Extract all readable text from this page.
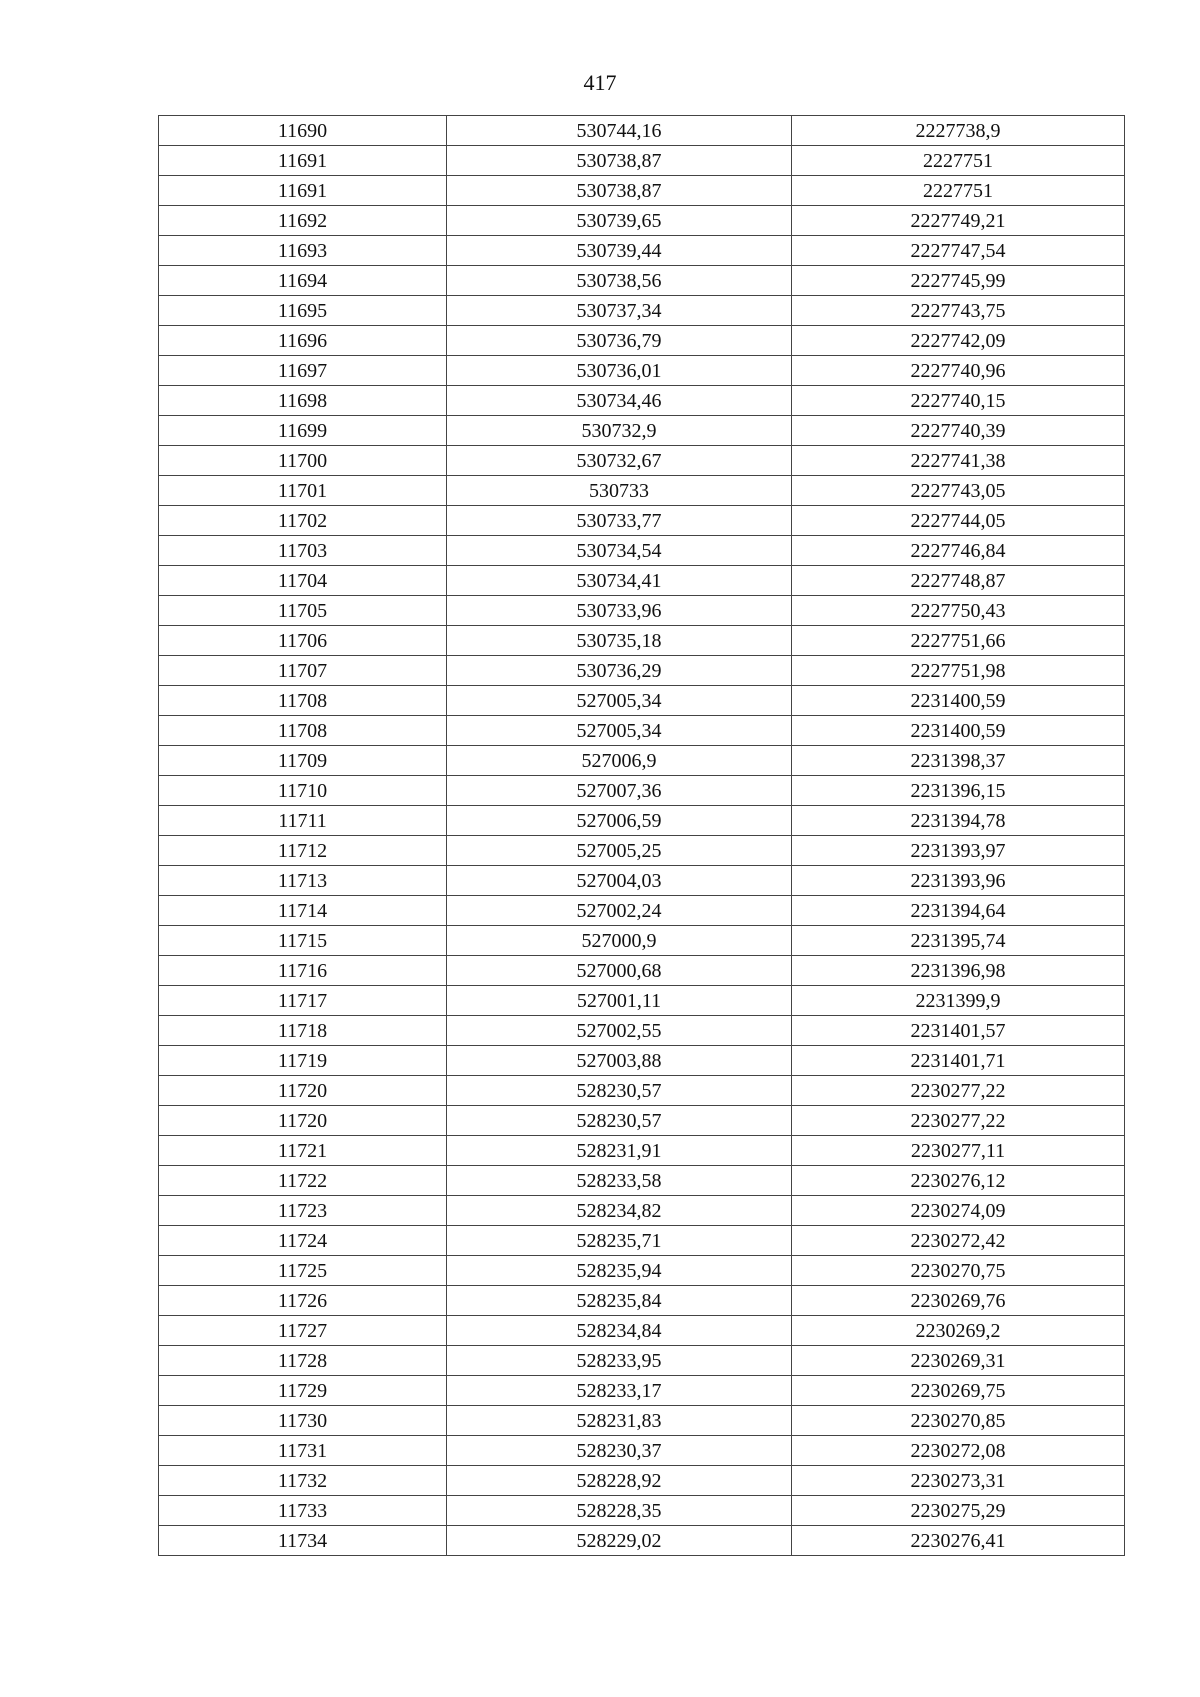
417
11690	530744,16	2227738,9
11691	530738,87	2227751
11691	530738,87	2227751
11692	530739,65	2227749,21
11693	530739,44	2227747,54
11694	530738,56	2227745,99
11695	530737,34	2227743,75
11696	530736,79	2227742,09
11697	530736,01	2227740,96
11698	530734,46	2227740,15
11699	530732,9	2227740,39
11700	530732,67	2227741,38
11701	530733	2227743,05
11702	530733,77	2227744,05
11703	530734,54	2227746,84
11704	530734,41	2227748,87
11705	530733,96	2227750,43
11706	530735,18	2227751,66
11707	530736,29	2227751,98
11708	527005,34	2231400,59
11708	527005,34	2231400,59
11709	527006,9	2231398,37
11710	527007,36	2231396,15
11711	527006,59	2231394,78
11712	527005,25	2231393,97
11713	527004,03	2231393,96
11714	527002,24	2231394,64
11715	527000,9	2231395,74
11716	527000,68	2231396,98
11717	527001,11	2231399,9
11718	527002,55	2231401,57
11719	527003,88	2231401,71
11720	528230,57	2230277,22
11720	528230,57	2230277,22
11721	528231,91	2230277,11
11722	528233,58	2230276,12
11723	528234,82	2230274,09
11724	528235,71	2230272,42
11725	528235,94	2230270,75
11726	528235,84	2230269,76
11727	528234,84	2230269,2
11728	528233,95	2230269,31
11729	528233,17	2230269,75
11730	528231,83	2230270,85
11731	528230,37	2230272,08
11732	528228,92	2230273,31
11733	528228,35	2230275,29
11734	528229,02	2230276,41
